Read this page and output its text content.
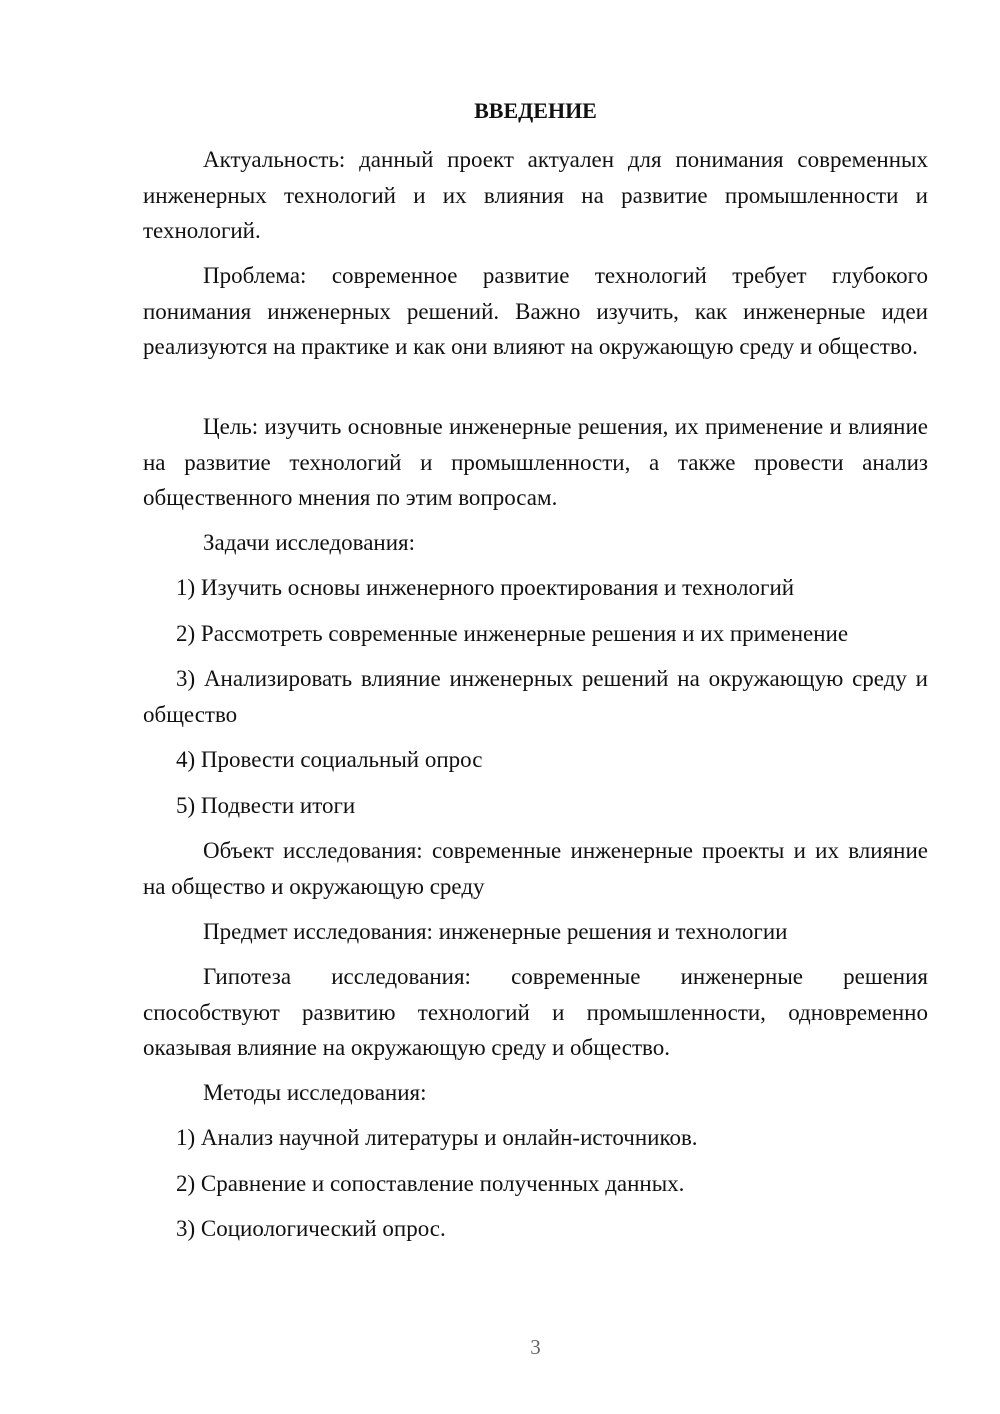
ВВЕДЕНИЕ

Актуальность: данный проект актуален для понимания современных инженерных технологий и их влияния на развитие промышленности и технологий.

Проблема: современное развитие технологий требует глубокого понимания инженерных решений. Важно изучить, как инженерные идеи реализуются на практике и как они влияют на окружающую среду и общество.

Цель: изучить основные инженерные решения, их применение и влияние на развитие технологий и промышленности, а также провести анализ общественного мнения по этим вопросам.

Задачи исследования:

1) Изучить основы инженерного проектирования и технологий

2) Рассмотреть современные инженерные решения и их применение

3) Анализировать влияние инженерных решений на окружающую среду и общество

4) Провести социальный опрос

5) Подвести итоги

Объект исследования: современные инженерные проекты и их влияние на общество и окружающую среду

Предмет исследования: инженерные решения и технологии

Гипотеза исследования: современные инженерные решения способствуют развитию технологий и промышленности, одновременно оказывая влияние на окружающую среду и общество.

Методы исследования:

1) Анализ научной литературы и онлайн-источников.

2) Сравнение и сопоставление полученных данных.

3) Социологический опрос.

3
